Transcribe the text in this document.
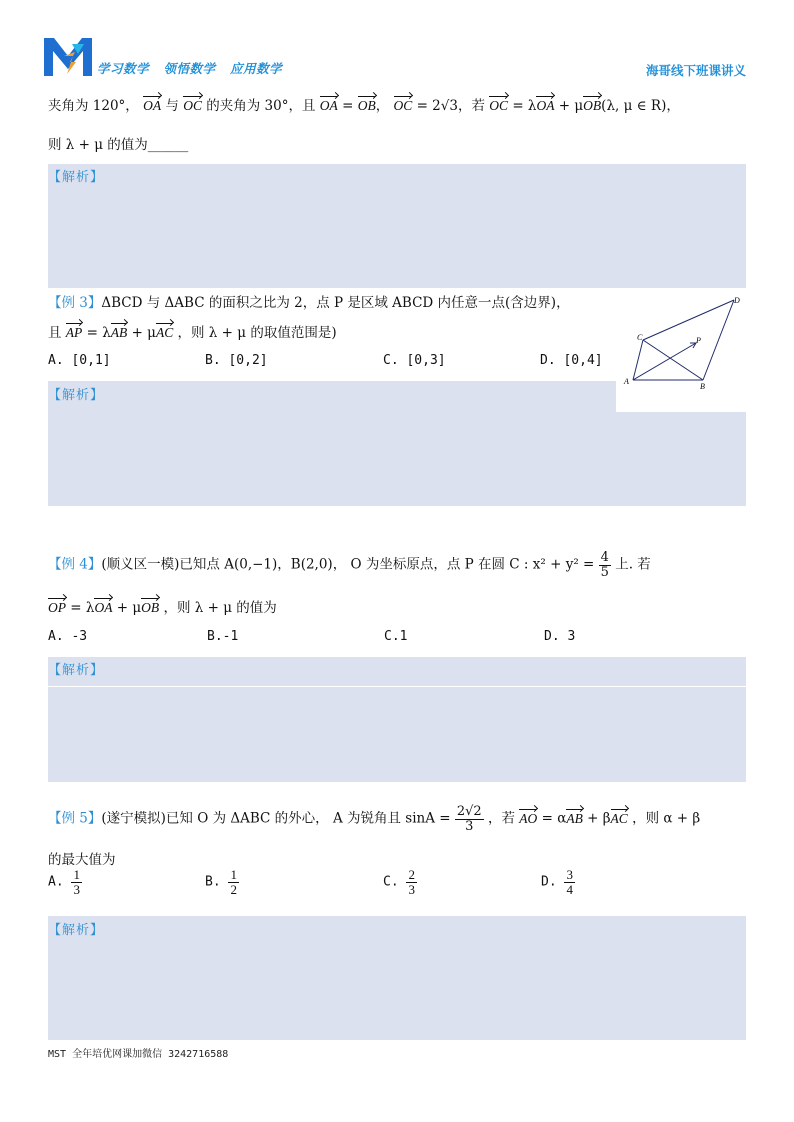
学习数学   领悟数学   应用数学	海哥线下班课讲义
夹角为 120°， OA 与 OC 的夹角为 30°，且 OA = OB， OC = 2√3，若 OC = λOA + μOB(λ, μ ∈ R)，
则 λ + μ 的值为______
【解析】
【例 3】ΔBCD 与 ΔABC 的面积之比为 2，点 P 是区域 ABCD 内任意一点(含边界)，
且 AP = λAB + μAC ，则 λ + μ 的取值范围是)
A. [0,1]	B. [0,2]	C. [0,3]	D. [0,4]
【解析】
A
B
C
D
P
【例 4】(顺义区一模)已知点 A(0,−1)，B(2,0)， O 为坐标原点，点 P 在圆 C : $x^2 + y^2 = \frac{4}{5}$ 上. 若
OP = λOA + μOB ，则 λ + μ 的值为
A. -3	B.-1	C.1	D. 3
【解析】
【例 5】(遂宁模拟)已知 O 为 ΔABC 的外心， A 为锐角且 $\sin A = \frac{2√2}{3}$ ，若 AO = αAB + βAC ，则 α + β
的最大值为
A. $\frac{1}{3}$	B. $\frac{1}{2}$	C. $\frac{2}{3}$	D. $\frac{3}{4}$
【解析】
MST 全年培优网课加微信 3242716588
